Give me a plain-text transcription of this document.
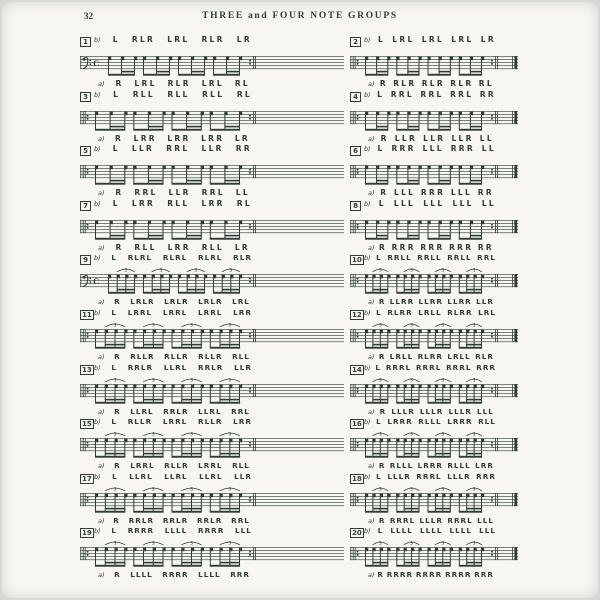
32	THREE and FOUR NOTE GROUPS
1 b) L RLR LRL RLR LR
C
a) R LRL RLR LRL RL
2 b) L LRL LRL LRL LR
a) R RLR RLR RLR RL
3 b) L RLL RLL RLL RL
a) R LRR LRR LRR LR
4 b) L RRL RRL RRL RR
a) R LLR LLR LLR LL
5 b) L LLR RRL LLR RR
a) R RRL LLR RRL LL
6 b) L RRR LLL RRR LL
a) R LLL RRR LLL RR
7 b) L LRR RLL LRR RL
a) R RLL LRR RLL LR
8 b) L LLL LLL LLL LL
a) R RRR RRR RRR RR
9 b) L RLRL RLRL RLRL RLR
C
3	3	3	3
a) R LRLR LRLR LRLR LRL
10 b) L RRLL RRLL RRLL RRL
3	3	3	3
a) R LLRR LLRR LLRR LLR
11 b) L LRRL LRRL LRRL LRR
3	3	3	3
a) R RLLR RLLR RLLR RLL
12 b) L RLRR LRLL RLRR LRL
3	3	3	3
a) R LRLL RLRR LRLL RLR
13 b) L RRLR LLRL RRLR LLR
3	3	3	3
a) R LLRL RRLR LLRL RRL
14 b) L RRRL RRRL RRRL RRR
3	3	3	3
a) R LLLR LLLR LLLR LLL
15 b) L RLLR LRRL RLLR LRR
3	3	3	3
a) R LRRL RLLR LRRL RLL
16 b) L LRRR RLLL LRRR RLL
3	3	3	3
a) R RLLL LRRR RLLL LRR
17 b) L LLRL LLRL LLRL LLR
3	3	3	3
a) R RRLR RRLR RRLR RRL
18 b) L LLLR RRRL LLLR RRR
3	3	3	3
a) R RRRL LLLR RRRL LLL
19 b) L RRRR LLLL RRRR LLL
3	3	3	3
a) R LLLL RRRR LLLL RRR
20 b) L LLLL LLLL LLLL LLL
3	3	3	3
a) R RRRR RRRR RRRR RRR
